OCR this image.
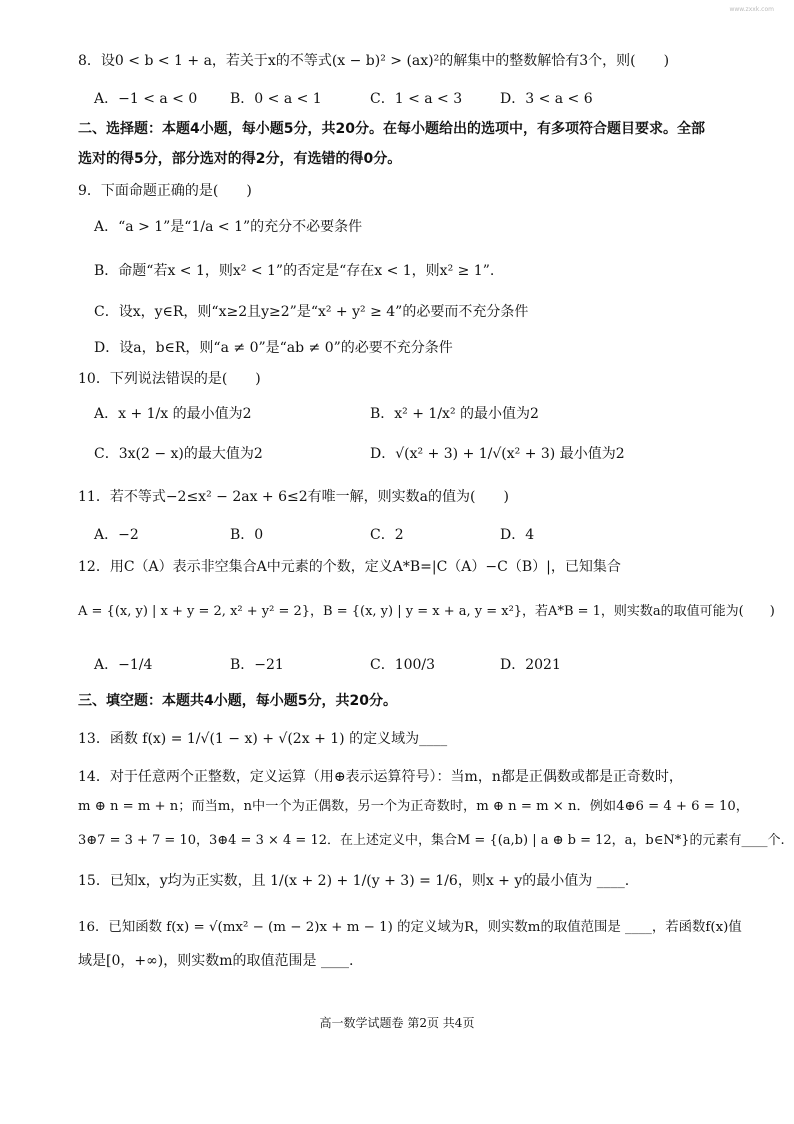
www.zxxk.com
8．设0 < b < 1 + a，若关于x的不等式(x − b)² > (ax)²的解集中的整数解恰有3个，则(　　)
A．−1 < a < 0 B．0 < a < 1	C．1 < a < 3	D．3 < a < 6
二、选择题：本题4小题，每小题5分，共20分。在每小题给出的选项中，有多项符合题目要求。全部
选对的得5分，部分选对的得2分，有选错的得0分。
9．下面命题正确的是(　　)
A．“a > 1”是“1/a < 1”的充分不必要条件
B．命题“若x < 1，则x² < 1”的否定是“存在x < 1，则x² ≥ 1”.
C．设x，y∈R，则“x≥2且y≥2”是“x² + y² ≥ 4”的必要而不充分条件
D．设a，b∈R，则“a ≠ 0”是“ab ≠ 0”的必要不充分条件
10．下列说法错误的是(　　)
A．x + 1/x 的最小值为2	B．x² + 1/x² 的最小值为2
C．3x(2 − x)的最大值为2	D．√(x² + 3) + 1/√(x² + 3) 最小值为2
11．若不等式−2≤x² − 2ax + 6≤2有唯一解，则实数a的值为(　　)
A．−2	B．0	C．2	D．4
12．用C（A）表示非空集合A中元素的个数，定义A*B=|C（A）−C（B）|，已知集合
A = {(x, y) | x + y = 2, x² + y² = 2}，B = {(x, y) | y = x + a, y = x²}，若A*B = 1，则实数a的取值可能为(　　)
A．−1/4	B．−21	C．100/3	D．2021
三、填空题：本题共4小题，每小题5分，共20分。
13．函数 f(x) = 1/√(1 − x) + √(2x + 1) 的定义域为____
14．对于任意两个正整数，定义运算（用⊕表示运算符号）：当m，n都是正偶数或都是正奇数时，
m ⊕ n = m + n；而当m，n中一个为正偶数，另一个为正奇数时，m ⊕ n = m × n．例如4⊕6 = 4 + 6 = 10，
3⊕7 = 3 + 7 = 10，3⊕4 = 3 × 4 = 12．在上述定义中，集合M = {(a,b) | a ⊕ b = 12，a，b∈N*}的元素有____个.
15．已知x，y均为正实数，且 1/(x + 2) + 1/(y + 3) = 1/6，则x + y的最小值为 ____.
16．已知函数 f(x) = √(mx² − (m − 2)x + m − 1) 的定义域为R，则实数m的取值范围是 ____，若函数f(x)值
域是[0，+∞)，则实数m的取值范围是 ____.
高一数学试题卷 第2页 共4页
